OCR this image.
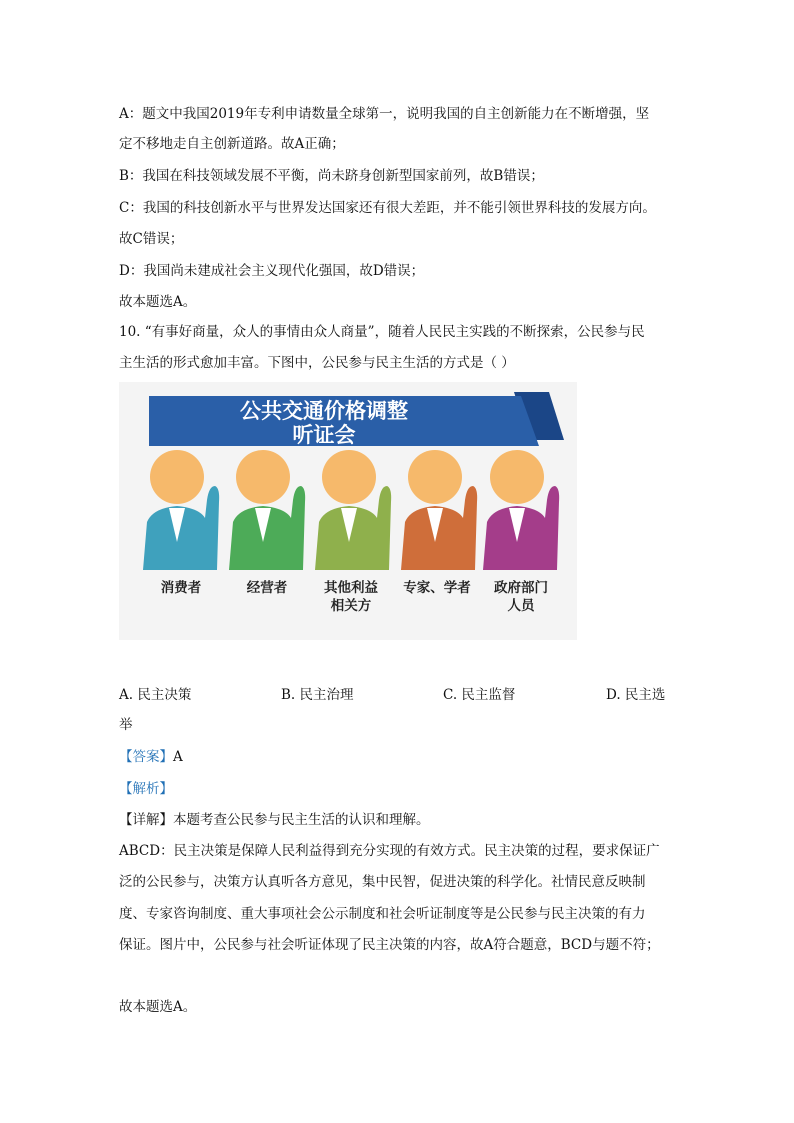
A：题文中我国2019年专利申请数量全球第一，说明我国的自主创新能力在不断增强，坚
定不移地走自主创新道路。故A正确；
B：我国在科技领域发展不平衡，尚未跻身创新型国家前列，故B错误；
C：我国的科技创新水平与世界发达国家还有很大差距，并不能引领世界科技的发展方向。
故C错误；
D：我国尚未建成社会主义现代化强国，故D错误；
故本题选A。
10. “有事好商量，众人的事情由众人商量”，随着人民民主实践的不断探索，公民参与民
主生活的形式愈加丰富。下图中，公民参与民主生活的方式是（ ）
公共交通价格调整
听证会
消费者	经营者	其他利益
相关方
专家、学者 政府部门
人员
A. 民主决策	B. 民主治理	C. 民主监督	D. 民主选
举
【答案】A
【解析】
【详解】本题考查公民参与民主生活的认识和理解。
ABCD：民主决策是保障人民利益得到充分实现的有效方式。民主决策的过程，要求保证广
泛的公民参与，决策方认真听各方意见，集中民智，促进决策的科学化。社情民意反映制
度、专家咨询制度、重大事项社会公示制度和社会听证制度等是公民参与民主决策的有力
保证。图片中，公民参与社会听证体现了民主决策的内容，故A符合题意，BCD与题不符；
故本题选A。
